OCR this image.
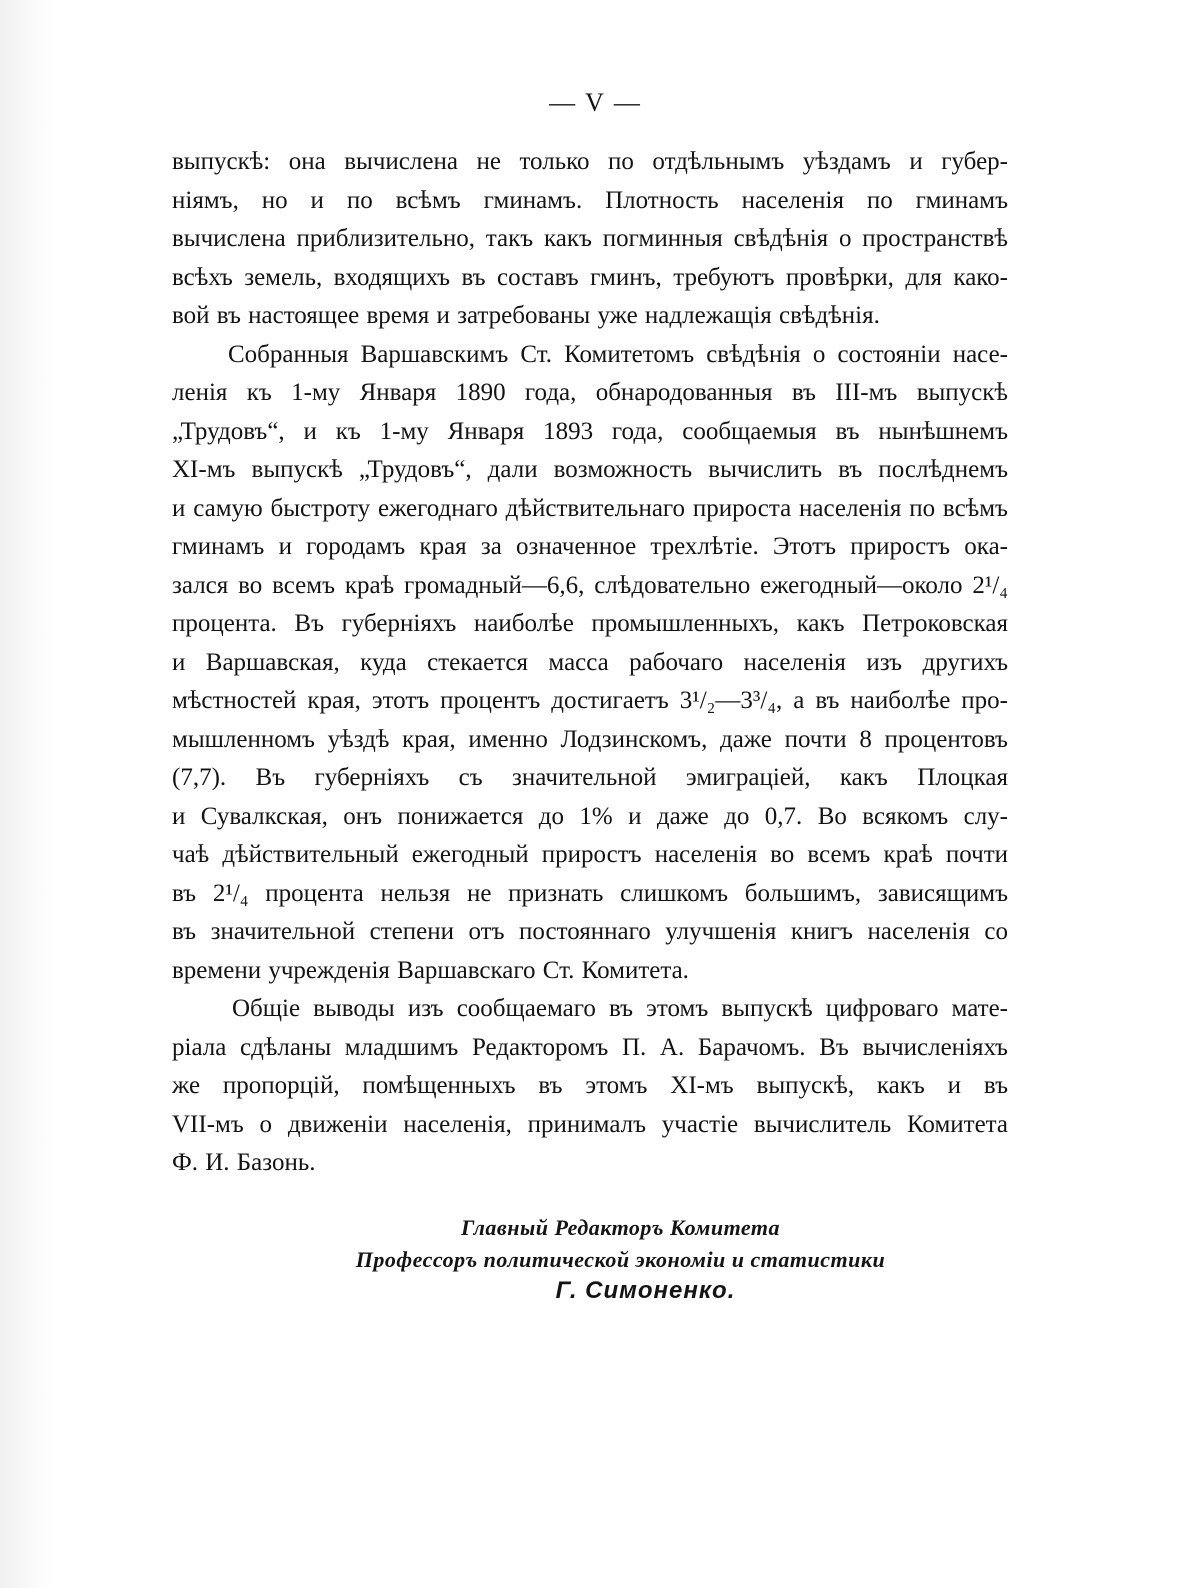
— V —
выпускѣ: она вычислена не только по отдѣльнымъ уѣздамъ и губер-
ніямъ, но и по всѣмъ гминамъ. Плотность населенія по гминамъ
вычислена приблизительно, такъ какъ погминныя свѣдѣнія о пространствѣ
всѣхъ земель, входящихъ въ составъ гминъ, требуютъ провѣрки, для како-
вой въ настоящее время и затребованы уже надлежащія свѣдѣнія.
Собранныя Варшавскимъ Ст. Комитетомъ свѣдѣнія о состояніи насе-
ленія къ 1-му Января 1890 года, обнародованныя въ III-мъ выпускѣ
„Трудовъ“, и къ 1-му Января 1893 года, сообщаемыя въ нынѣшнемъ
XI-мъ выпускѣ „Трудовъ“, дали возможность вычислить въ послѣднемъ
и самую быстроту ежегоднаго дѣйствительнаго прироста населенія по всѣмъ
гминамъ и городамъ края за означенное трехлѣтіе. Этотъ приростъ ока-
зался во всемъ краѣ громадный—6,6, слѣдовательно ежегодный—около 2¹/₄
процента. Въ губерніяхъ наиболѣе промышленныхъ, какъ Петроковская
и Варшавская, куда стекается масса рабочаго населенія изъ другихъ
мѣстностей края, этотъ процентъ достигаетъ 3¹/₂—3³/₄, а въ наиболѣе про-
мышленномъ уѣздѣ края, именно Лодзинскомъ, даже почти 8 процентовъ
(7,7). Въ губерніяхъ съ значительной эмиграціей, какъ Плоцкая
и Сувалкская, онъ понижается до 1% и даже до 0,7. Во всякомъ слу-
чаѣ дѣйствительный ежегодный приростъ населенія во всемъ краѣ почти
въ 2¹/₄ процента нельзя не признать слишкомъ большимъ, зависящимъ
въ значительной степени отъ постояннаго улучшенія книгъ населенія со
времени учрежденія Варшавскаго Ст. Комитета.
Общіе выводы изъ сообщаемаго въ этомъ выпускѣ цифроваго мате-
ріала сдѣланы младшимъ Редакторомъ П. А. Барачомъ. Въ вычисленіяхъ
же пропорцій, помѣщенныхъ въ этомъ XI-мъ выпускѣ, какъ и въ
VII-мъ о движеніи населенія, принималъ участіе вычислитель Комитета
Ф. И. Базонь.
Главный Редакторъ Комитета
Профессоръ политической экономіи и статистики
Г. Симоненко.
